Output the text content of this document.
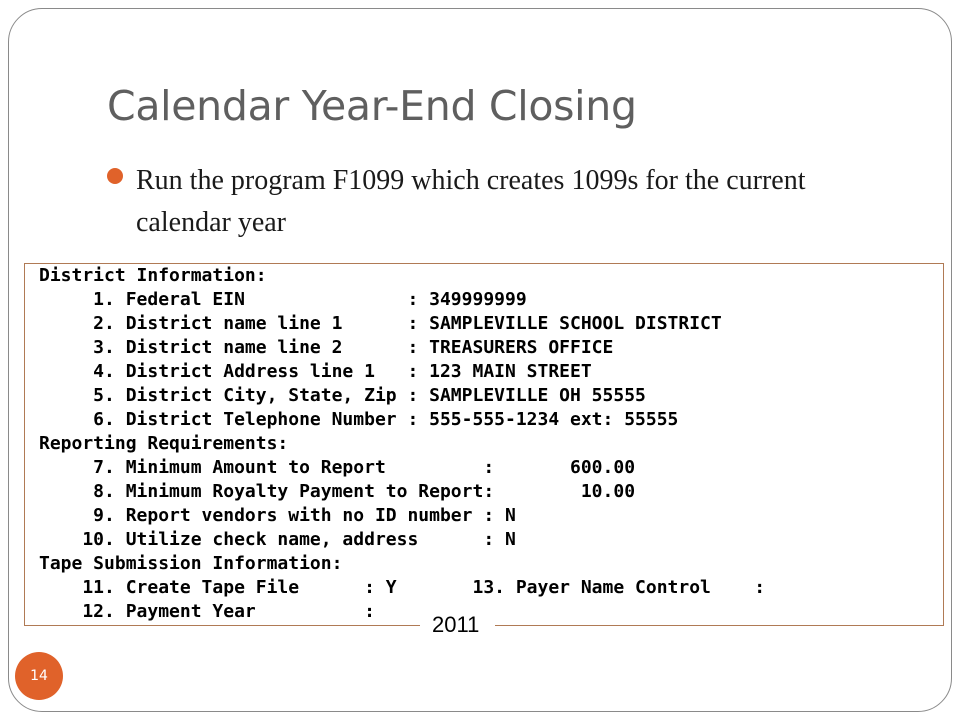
Calendar Year-End Closing

Run the program F1099 which creates 1099s for the current calendar year

District Information:
1. Federal EIN               : 349999999
2. District name line 1      : SAMPLEVILLE SCHOOL DISTRICT
3. District name line 2      : TREASURERS OFFICE
4. District Address line 1   : 123 MAIN STREET
5. District City, State, Zip : SAMPLEVILLE OH 55555
6. District Telephone Number : 555-555-1234 ext: 55555
Reporting Requirements:
7. Minimum Amount to Report         :       600.00
8. Minimum Royalty Payment to Report:        10.00
9. Report vendors with no ID number : N
10. Utilize check name, address      : N
Tape Submission Information:
11. Create Tape File      : Y       13. Payer Name Control    :
12. Payment Year          :
2011
14
